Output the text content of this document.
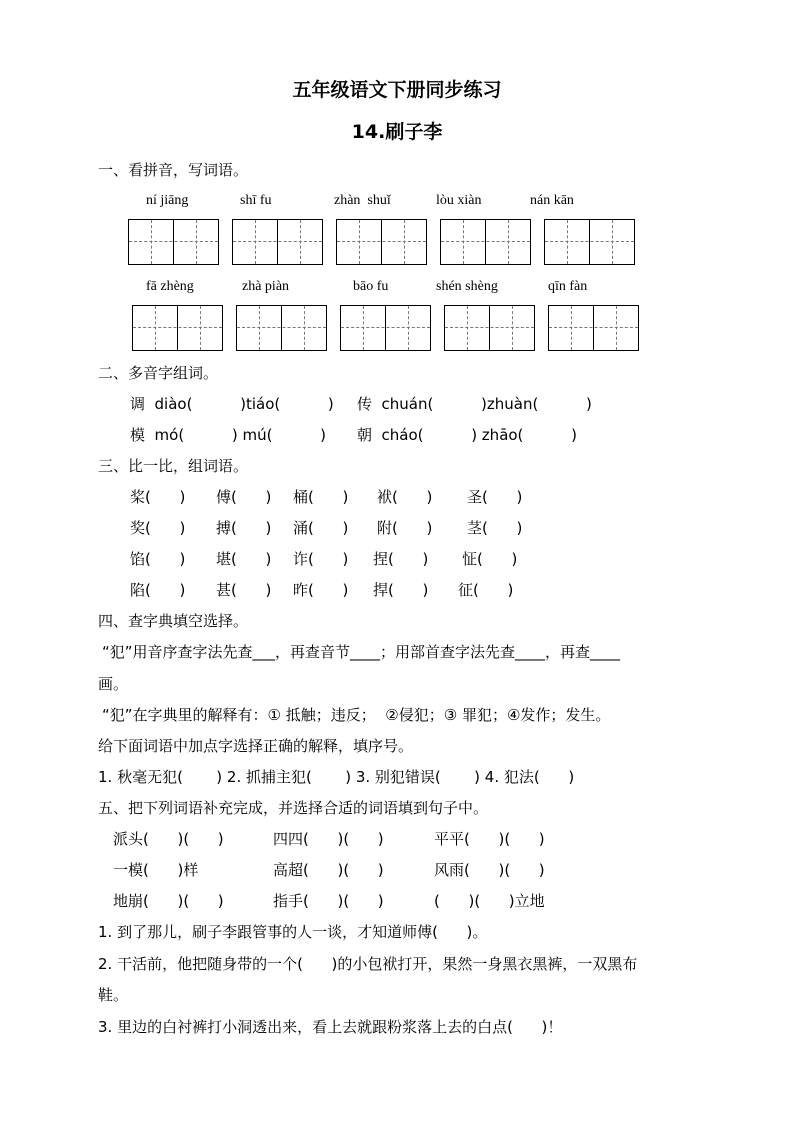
五年级语文下册同步练习
14.刷子李
一、看拼音，写词语。
ní jiāng	shī fu	zhàn  shuǐ	lòu xiàn	nán kān
fā zhèng	zhà piàn	bāo fu	shén shèng	qīn fàn
二、多音字组词。
调  diào(          )tiáo(          ) 传  chuán(          )zhuàn(          )
模  mó(          ) mú(          ) 朝  cháo(          ) zhāo(          )
三、比一比，组词语。
桨(      ) 傅(      ) 桶(      ) 袱(      ) 圣(      )
奖(      ) 搏(      ) 涌(      ) 附(      ) 茎(      )
馅(      ) 堪(      ) 诈(      ) 捏(      ) 怔(      )
陷(      ) 甚(      ) 昨(      ) 捍(      ) 征(      )
四、查字典填空选择。
“犯”用音序查字法先查___，再查音节____；用部首查字法先查____，再查____
画。
“犯”在字典里的解释有：① 抵触；违反；  ②侵犯；③ 罪犯；④发作；发生。
给下面词语中加点字选择正确的解释，填序号。
1. 秋毫无犯(       ) 2. 抓捕主犯(       ) 3. 别犯错误(       ) 4. 犯法(      )
五、把下列词语补充完成，并选择合适的词语填到句子中。
派头(      )(      )	四四(      )(      )	平平(      )(      )
一模(      )样	高超(      )(      )	风雨(      )(      )
地崩(      )(      )	指手(      )(      )	(      )(      )立地
1. 到了那儿，刷子李跟管事的人一谈，才知道师傅(      )。
2. 干活前，他把随身带的一个(      )的小包袱打开，果然一身黑衣黑裤，一双黑布
鞋。
3. 里边的白衬裤打小洞透出来，看上去就跟粉浆落上去的白点(      )！
